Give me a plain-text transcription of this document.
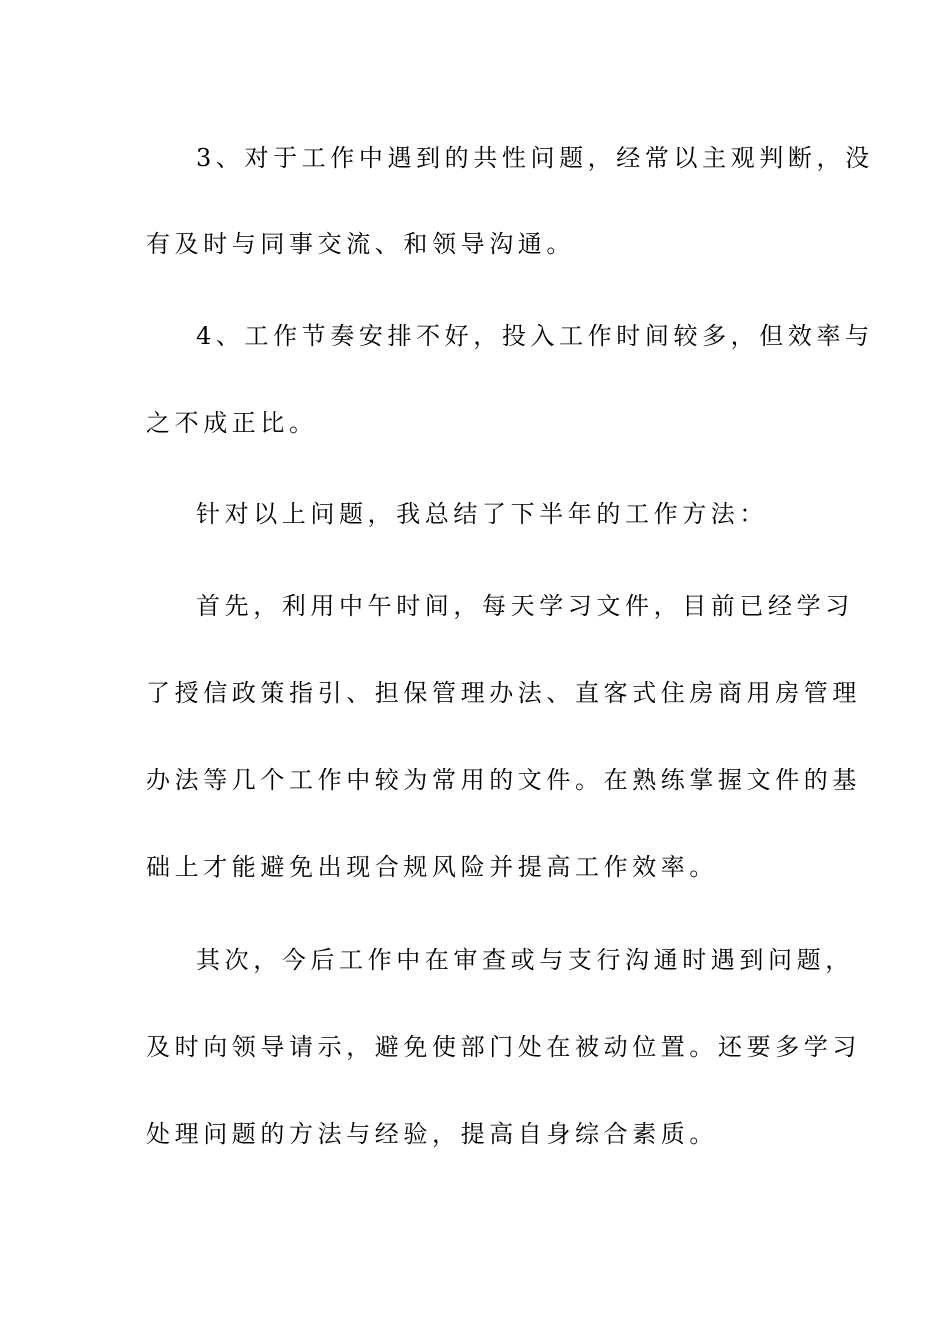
3、对于工作中遇到的共性问题，经常以主观判断，没
有及时与同事交流、和领导沟通。
4、工作节奏安排不好，投入工作时间较多，但效率与
之不成正比。
针对以上问题，我总结了下半年的工作方法：
首先，利用中午时间，每天学习文件，目前已经学习
了授信政策指引、担保管理办法、直客式住房商用房管理
办法等几个工作中较为常用的文件。在熟练掌握文件的基
础上才能避免出现合规风险并提高工作效率。
其次，今后工作中在审查或与支行沟通时遇到问题，
及时向领导请示，避免使部门处在被动位置。还要多学习
处理问题的方法与经验，提高自身综合素质。
